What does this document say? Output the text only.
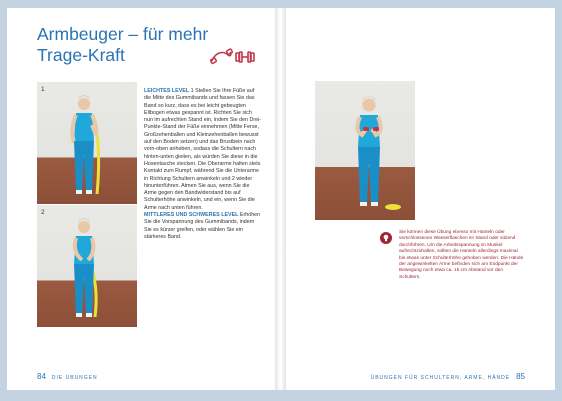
Armbeuger – für mehr
Trage-Kraft
1
2

LEICHTES LEVEL 1 Stellen Sie Ihre Füße auf die Mitte des Gummibands und fassen Sie das Band so kurz, dass es bei leicht gebeugten Ellbogen etwas gespannt ist. Richten Sie sich nun im aufrechten Stand ein, indem Sie den Drei-Punkte-Stand der Füße einnehmen (Mitte Ferse, Großzehenballen und Kleinzehenballen bewusst auf den Boden setzen) und das Brustbein nach vorn-oben anheben, sodass die Schultern nach hinten-unten gleiten, als würden Sie diese in die Hosentasche stecken. Die Oberarme halten stets Kontakt zum Rumpf, während Sie die Unterarme in Richtung Schultern anwinkeln und 2 wieder hinunterführen. Atmen Sie aus, wenn Sie die Arme gegen den Bandwiderstand bis auf Schulterhöhe anwinkeln, und ein, wenn Sie die Arme nach unten führen.

MITTLERES UND SCHWERES LEVEL Erhöhen Sie die Vorspannung des Gummibands, indem Sie es kürzer greifen, oder wählen Sie ein stärkeres Band.

84 DIE ÜBUNGEN

Sie können diese Übung ebenso mit Hanteln oder verschlossenen Wasserflaschen im Stand oder sitzend durchführen. Um die Arbeitsspannung im Muskel aufrechtzuhalten, sollten die Hanteln allerdings maximal bis etwas unter Schulterhöhe gehoben werden. Die Hände der angewinkelten Arme befinden sich am Endpunkt der Bewegung noch etwa ca. 15 cm Abstand vor den Schultern.

ÜBUNGEN FÜR SCHULTERN, ARME, HÄNDE 85
